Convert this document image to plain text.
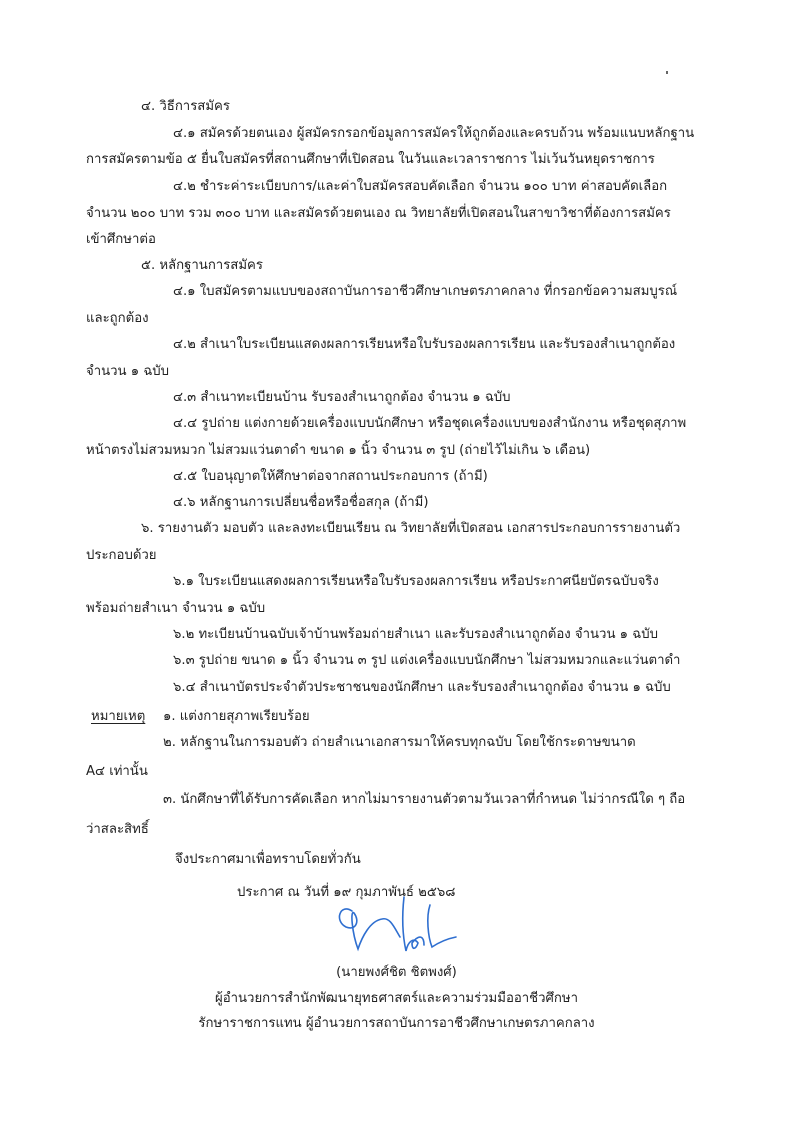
๔. วิธีการสมัคร
๔.๑ สมัครด้วยตนเอง ผู้สมัครกรอกข้อมูลการสมัครให้ถูกต้องและครบถ้วน พร้อมแนบหลักฐาน
การสมัครตามข้อ ๕ ยื่นใบสมัครที่สถานศึกษาที่เปิดสอน ในวันและเวลาราชการ ไม่เว้นวันหยุดราชการ
๔.๒ ชำระค่าระเบียบการ/และค่าใบสมัครสอบคัดเลือก จำนวน ๑๐๐ บาท ค่าสอบคัดเลือก
จำนวน ๒๐๐ บาท รวม ๓๐๐ บาท และสมัครด้วยตนเอง ณ วิทยาลัยที่เปิดสอนในสาขาวิชาที่ต้องการสมัคร
เข้าศึกษาต่อ
๕. หลักฐานการสมัคร
๔.๑ ใบสมัครตามแบบของสถาบันการอาชีวศึกษาเกษตรภาคกลาง ที่กรอกข้อความสมบูรณ์
และถูกต้อง
๔.๒ สำเนาใบระเบียนแสดงผลการเรียนหรือใบรับรองผลการเรียน และรับรองสำเนาถูกต้อง
จำนวน ๑ ฉบับ
๔.๓ สำเนาทะเบียนบ้าน รับรองสำเนาถูกต้อง จำนวน ๑ ฉบับ
๔.๔ รูปถ่าย แต่งกายด้วยเครื่องแบบนักศึกษา หรือชุดเครื่องแบบของสำนักงาน หรือชุดสุภาพ
หน้าตรงไม่สวมหมวก ไม่สวมแว่นตาดำ ขนาด ๑ นิ้ว จำนวน ๓ รูป (ถ่ายไว้ไม่เกิน ๖ เดือน)
๔.๕ ใบอนุญาตให้ศึกษาต่อจากสถานประกอบการ (ถ้ามี)
๔.๖ หลักฐานการเปลี่ยนชื่อหรือชื่อสกุล (ถ้ามี)
๖. รายงานตัว มอบตัว และลงทะเบียนเรียน ณ วิทยาลัยที่เปิดสอน เอกสารประกอบการรายงานตัว
ประกอบด้วย
๖.๑ ใบระเบียนแสดงผลการเรียนหรือใบรับรองผลการเรียน หรือประกาศนียบัตรฉบับจริง
พร้อมถ่ายสำเนา จำนวน ๑ ฉบับ
๖.๒ ทะเบียนบ้านฉบับเจ้าบ้านพร้อมถ่ายสำเนา และรับรองสำเนาถูกต้อง จำนวน ๑ ฉบับ
๖.๓ รูปถ่าย ขนาด ๑ นิ้ว จำนวน ๓ รูป แต่งเครื่องแบบนักศึกษา ไม่สวมหมวกและแว่นตาดำ
๖.๔ สำเนาบัตรประจำตัวประชาชนของนักศึกษา และรับรองสำเนาถูกต้อง จำนวน ๑ ฉบับ
หมายเหตุ ๑. แต่งกายสุภาพเรียบร้อย
๒. หลักฐานในการมอบตัว ถ่ายสำเนาเอกสารมาให้ครบทุกฉบับ โดยใช้กระดาษขนาด
A๔ เท่านั้น
๓. นักศึกษาที่ได้รับการคัดเลือก หากไม่มารายงานตัวตามวันเวลาที่กำหนด ไม่ว่ากรณีใด ๆ ถือ
ว่าสละสิทธิ์
จึงประกาศมาเพื่อทราบโดยทั่วกัน
ประกาศ ณ วันที่ ๑๙ กุมภาพันธ์ ๒๕๖๘
(นายพงศ์ชิต ชิตพงศ์)
ผู้อำนวยการสำนักพัฒนายุทธศาสตร์และความร่วมมืออาชีวศึกษา
รักษาราชการแทน ผู้อำนวยการสถาบันการอาชีวศึกษาเกษตรภาคกลาง
